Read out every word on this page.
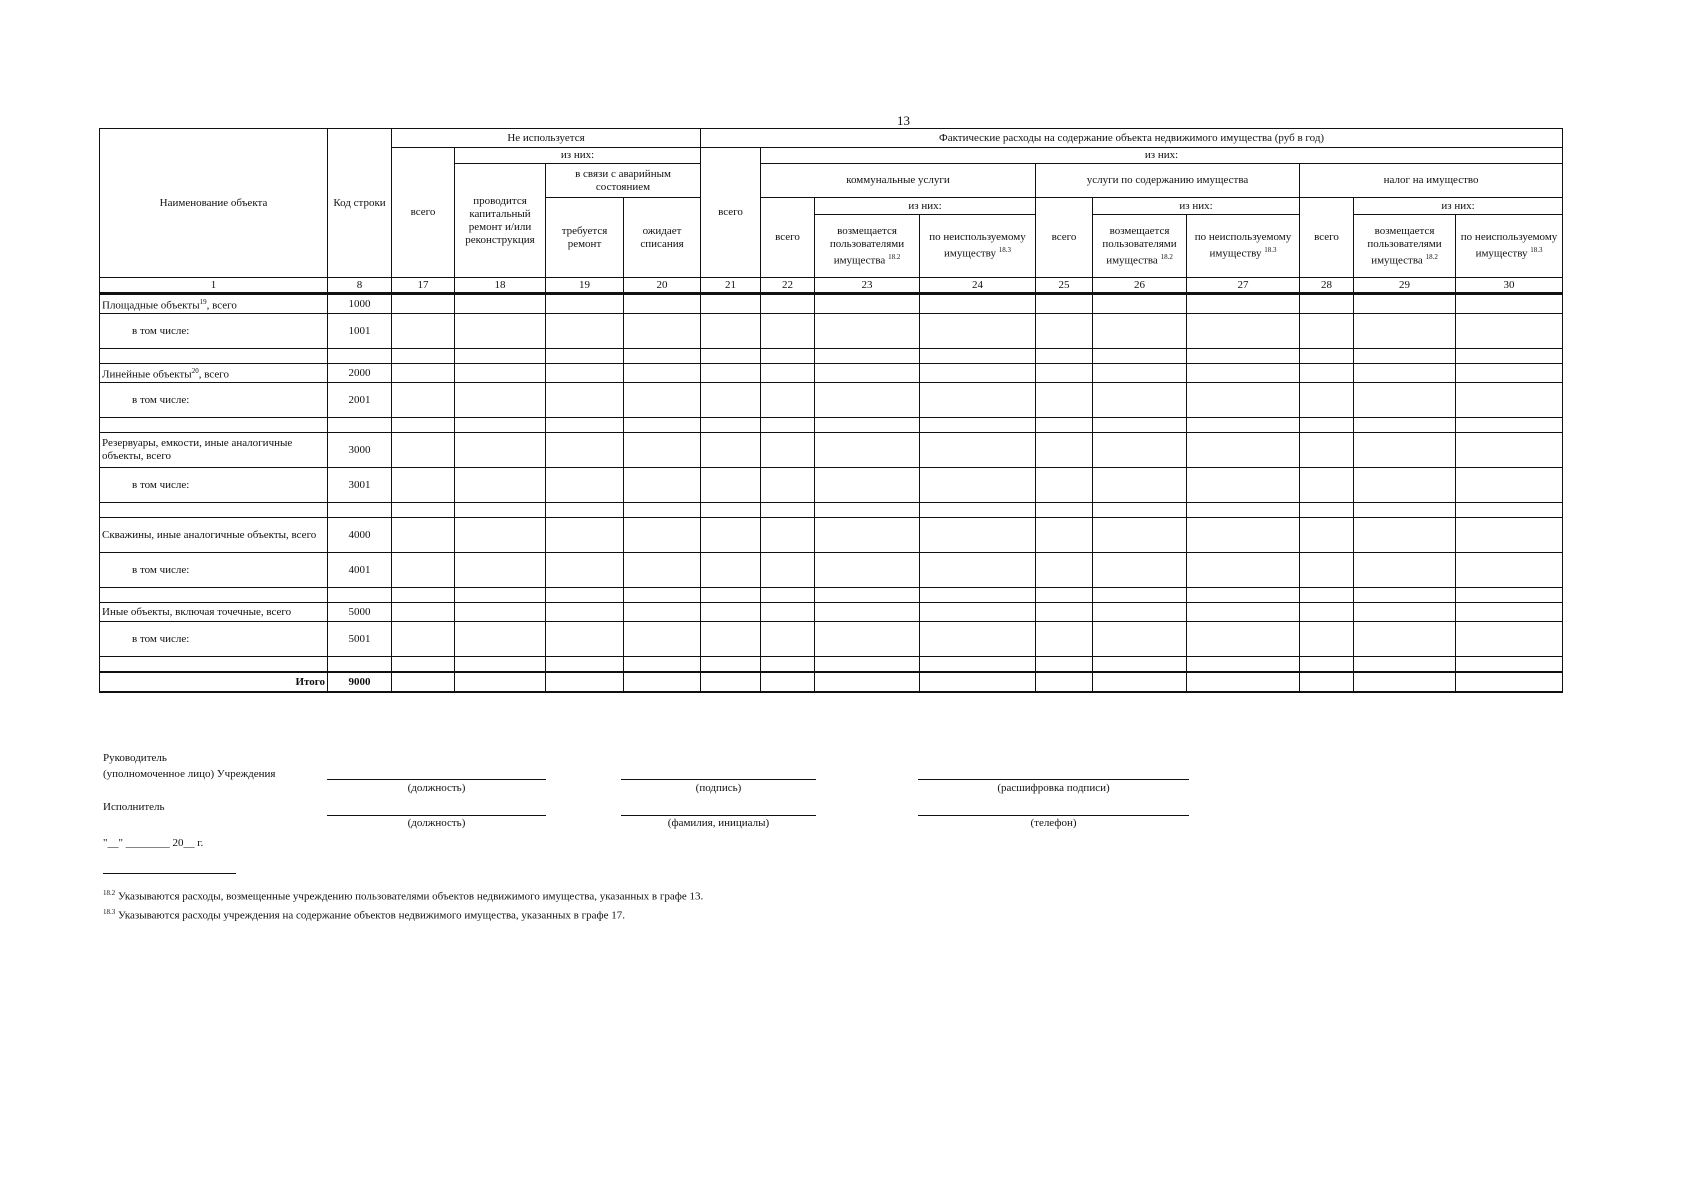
13
Наименование объекта	Код строки	Не используется				Фактические расходы на содержание объекта недвижимого имущества (руб в год)									
		всего	из них:			всего	из них:								
			проводится капитальный ремонт и/или реконструкция	в связи с аварийным состоянием			коммунальные услуги			услуги по содержанию имущества			налог на имущество		
				требуется ремонт	ожидает списания		всего	из них:		всего	из них:		всего	из них:	
								возмещается пользователями имущества $^{18.2}$	по неиспользуемому имуществу $^{18.3}$		возмещается пользователями имущества $^{18.2}$	по неиспользуемому имуществу $^{18.3}$		возмещается пользователями имущества $^{18.2}$	по неиспользуемому имуществу $^{18.3}$
1	8	17	18	19	20	21	22	23	24	25	26	27	28	29	30
Площадные объекты$^{19}$, всего	1000														
в том числе:	1001														

Линейные объекты$^{20}$, всего	2000														
в том числе:	2001														

Резервуары, емкости, иные аналогичные объекты, всего	3000														
в том числе:	3001														

Скважины, иные аналогичные объекты, всего	4000														
в том числе:	4001														

Иные объекты, включая точечные, всего	5000														
в том числе:	5001														

Итого	9000														
Руководитель
(уполномоченное лицо) Учреждения
(должность)	(подпись)	(расшифровка подписи)
Исполнитель
(должность)	(фамилия, инициалы)	(телефон)
"__" ________ 20__ г.
$^{18.2}$ Указываются расходы, возмещенные учреждению пользователями объектов недвижимого имущества, указанных в графе 13.
$^{18.3}$ Указываются расходы учреждения на содержание объектов недвижимого имущества, указанных в графе 17.
